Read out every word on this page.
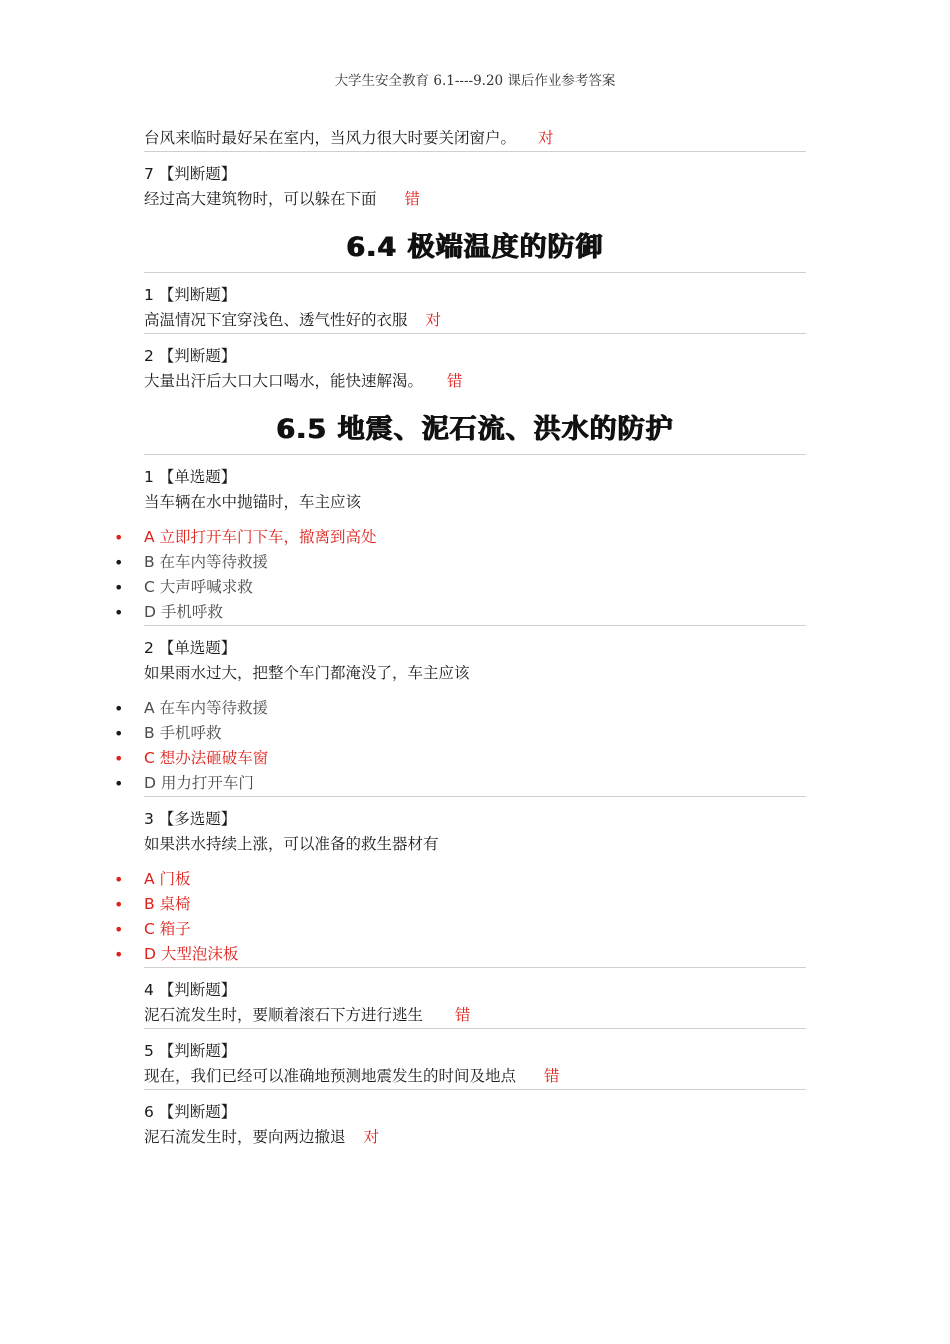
大学生安全教育 6.1----9.20 课后作业参考答案
台风来临时最好呆在室内，当风力很大时要关闭窗户。 对
7 【判断题】
经过高大建筑物时，可以躲在下面 错
6.4 极端温度的防御
1 【判断题】
高温情况下宜穿浅色、透气性好的衣服 对
2 【判断题】
大量出汗后大口大口喝水，能快速解渴。 错
6.5 地震、泥石流、洪水的防护
1 【单选题】
当车辆在水中抛锚时，车主应该
• A 立即打开车门下车，撤离到高处
• B 在车内等待救援
• C 大声呼喊求救
• D 手机呼救
2 【单选题】
如果雨水过大，把整个车门都淹没了，车主应该
• A 在车内等待救援
• B 手机呼救
• C 想办法砸破车窗
• D 用力打开车门
3 【多选题】
如果洪水持续上涨，可以准备的救生器材有
• A 门板
• B 桌椅
• C 箱子
• D 大型泡沫板
4 【判断题】
泥石流发生时，要顺着滚石下方进行逃生 错
5 【判断题】
现在，我们已经可以准确地预测地震发生的时间及地点 错
6 【判断题】
泥石流发生时，要向两边撤退 对
